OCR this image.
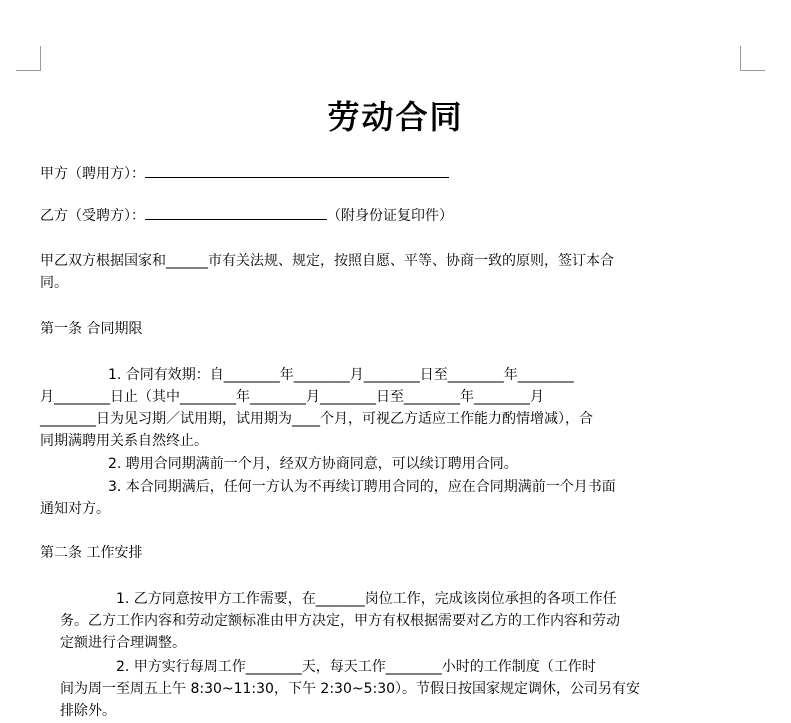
劳动合同
甲方（聘用方）：
乙方（受聘方）：	（附身份证复印件）
甲乙双方根据国家和______市有关法规、规定，按照自愿、平等、协商一致的原则，签订本合
同。
第一条 合同期限
1. 合同有效期：自________年________月________日至________年________
月________日止（其中________年________月________日至________年________月
________日为见习期／试用期，试用期为____个月，可视乙方适应工作能力酌情增减），合
同期满聘用关系自然终止。
2. 聘用合同期满前一个月，经双方协商同意，可以续订聘用合同。
3. 本合同期满后，任何一方认为不再续订聘用合同的，应在合同期满前一个月书面
通知对方。
第二条 工作安排
1. 乙方同意按甲方工作需要，在_______岗位工作，完成该岗位承担的各项工作任
务。乙方工作内容和劳动定额标准由甲方决定，甲方有权根据需要对乙方的工作内容和劳动
定额进行合理调整。
2. 甲方实行每周工作________天，每天工作________小时的工作制度（工作时
间为周一至周五上午 8:30~11:30，下午 2:30~5:30）。节假日按国家规定调休，公司另有安
排除外。
